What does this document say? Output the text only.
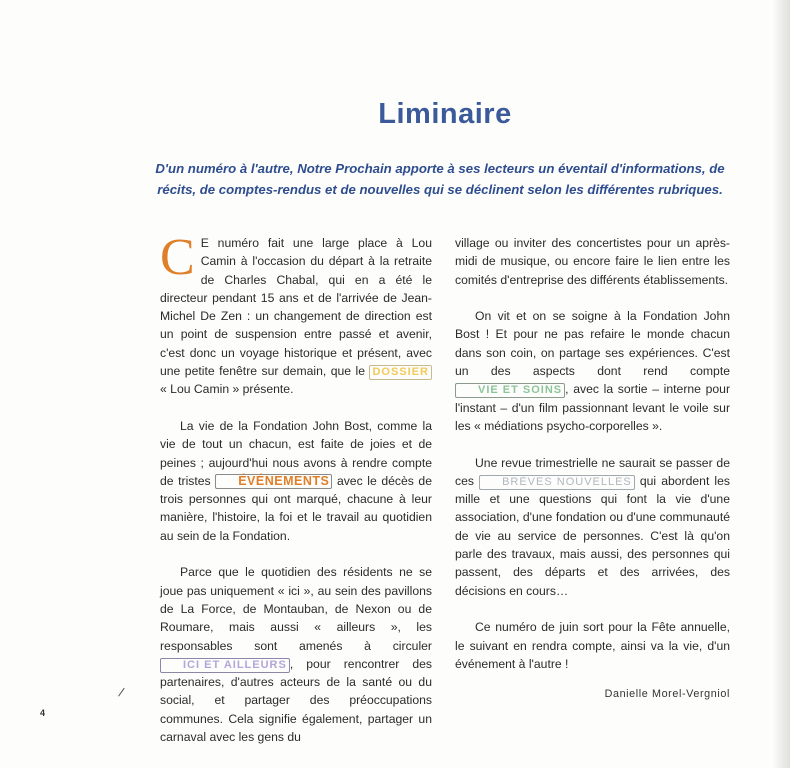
Liminaire
D'un numéro à l'autre, Notre Prochain apporte à ses lecteurs un éventail d'informations, de récits, de comptes-rendus et de nouvelles qui se déclinent selon les différentes rubriques.

C E numéro fait une large place à Lou Camin à l'occasion du départ à la retraite de Charles Chabal, qui en a été le directeur pendant 15 ans et de l'arrivée de Jean-Michel De Zen : un changement de direction est un point de suspension entre passé et avenir, c'est donc un voyage historique et présent, avec une petite fenêtre sur demain, que le DOSSIER « Lou Camin » présente.

La vie de la Fondation John Bost, comme la vie de tout un chacun, est faite de joies et de peines ; aujourd'hui nous avons à rendre compte de tristes ÉVÉNEMENTS avec le décès de trois personnes qui ont marqué, chacune à leur manière, l'histoire, la foi et le travail au quotidien au sein de la Fondation.

Parce que le quotidien des résidents ne se joue pas uniquement « ici », au sein des pavillons de La Force, de Montauban, de Nexon ou de Roumare, mais aussi « ailleurs », les responsables sont amenés à circuler ICI ET AILLEURS , pour rencontrer des partenaires, d'autres acteurs de la santé ou du social, et partager des préoccupations communes. Cela signifie également, partager un carnaval avec les gens du

village ou inviter des concertistes pour un après-midi de musique, ou encore faire le lien entre les comités d'entreprise des différents établissements.

On vit et on se soigne à la Fondation John Bost ! Et pour ne pas refaire le monde chacun dans son coin, on partage ses expériences. C'est un des aspects dont rend compte VIE ET SOINS , avec la sortie – interne pour l'instant – d'un film passionnant levant le voile sur les « médiations psycho-corporelles ».

Une revue trimestrielle ne saurait se passer de ces BRÈVES NOUVELLES qui abordent les mille et une questions qui font la vie d'une association, d'une fondation ou d'une communauté de vie au service de personnes. C'est là qu'on parle des travaux, mais aussi, des personnes qui passent, des départs et des arrivées, des décisions en cours…

Ce numéro de juin sort pour la Fête annuelle, le suivant en rendra compte, ainsi va la vie, d'un événement à l'autre !

Danielle Morel-Vergniol
4
